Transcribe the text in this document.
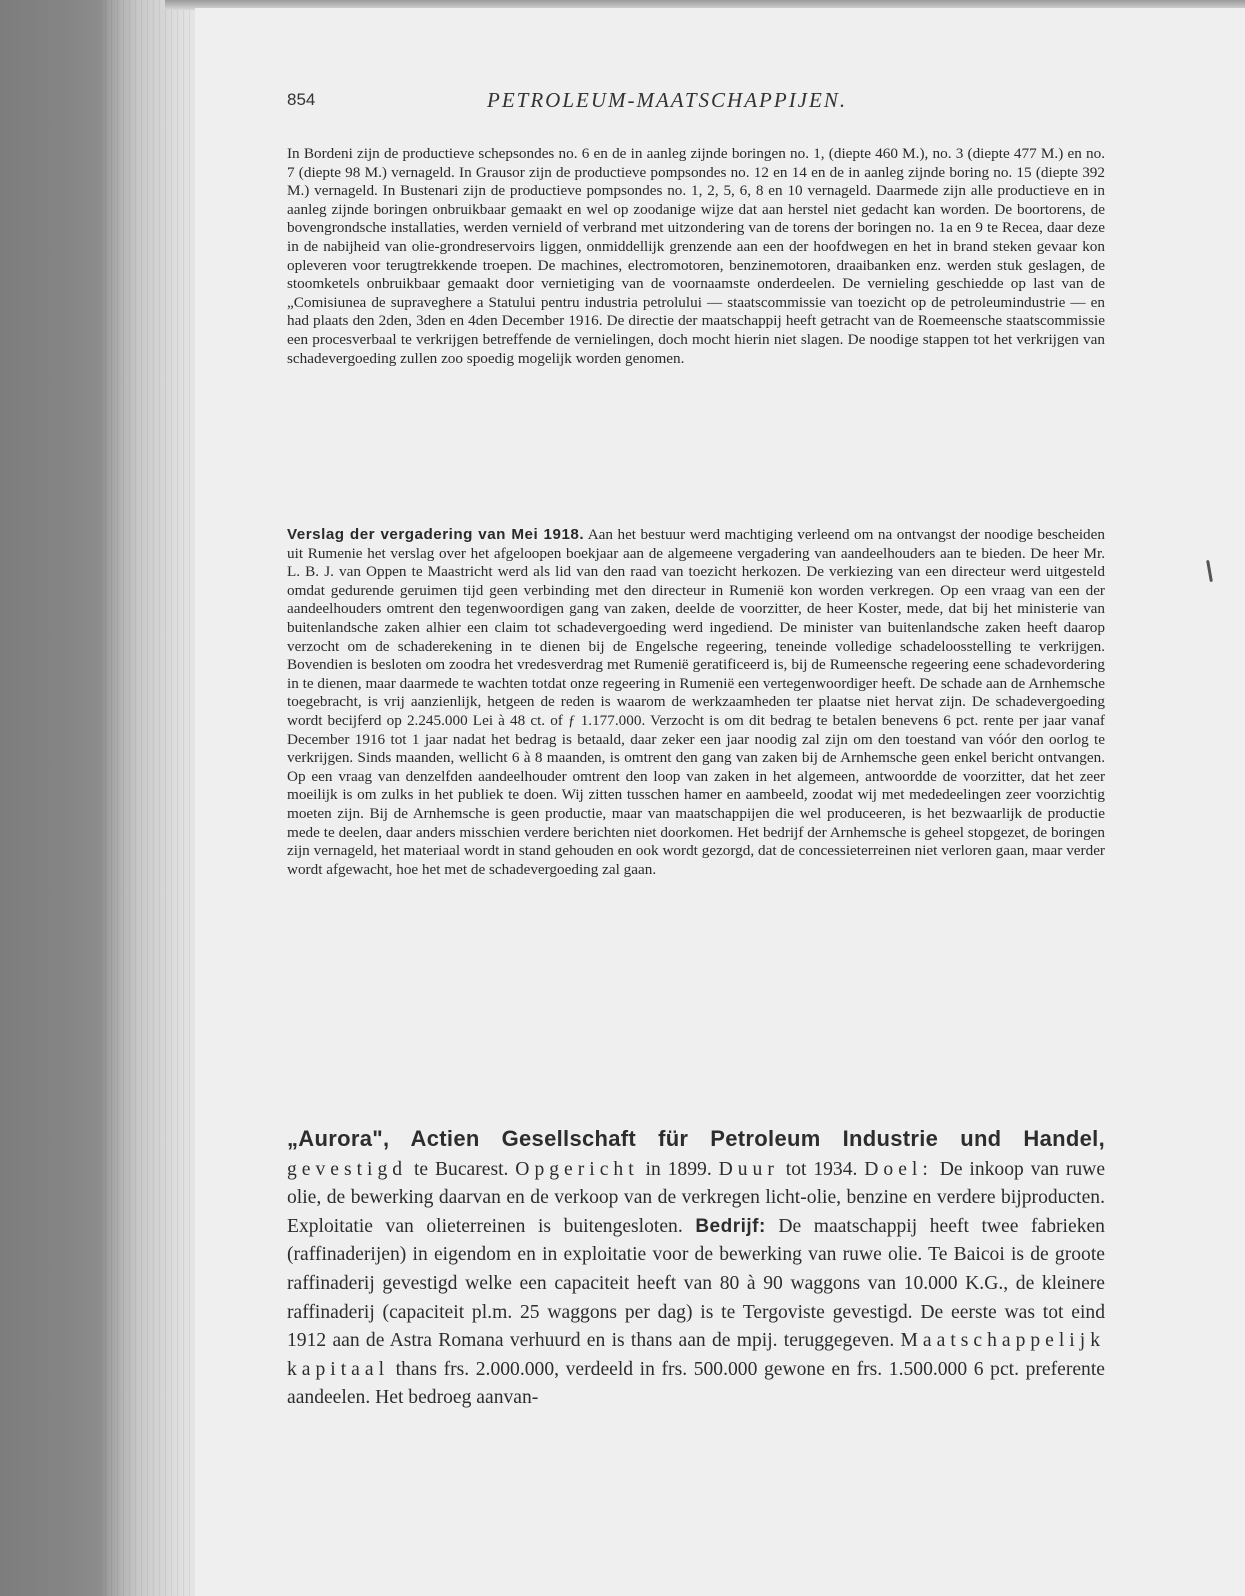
854	PETROLEUM-MAATSCHAPPIJEN.
In Bordeni zijn de productieve schepsondes no. 6 en de in aanleg zijnde boringen no. 1, (diepte 460 M.), no. 3 (diepte 477 M.) en no. 7 (diepte 98 M.) vernageld. In Grausor zijn de productieve pompsondes no. 12 en 14 en de in aanleg zijnde boring no. 15 (diepte 392 M.) vernageld. In Bustenari zijn de productieve pompsondes no. 1, 2, 5, 6, 8 en 10 vernageld. Daarmede zijn alle productieve en in aanleg zijnde boringen onbruikbaar gemaakt en wel op zoodanige wijze dat aan herstel niet gedacht kan worden. De boortorens, de bovengrondsche installaties, werden vernield of verbrand met uitzondering van de torens der boringen no. 1a en 9 te Recea, daar deze in de nabijheid van olie-grondreservoirs liggen, onmiddellijk grenzende aan een der hoofdwegen en het in brand steken gevaar kon opleveren voor terugtrekkende troepen. De machines, electromotoren, benzinemotoren, draaibanken enz. werden stuk geslagen, de stoomketels onbruikbaar gemaakt door vernietiging van de voornaamste onderdeelen. De vernieling geschiedde op last van de „Comisiunea de supraveghere a Statului pentru industria petrolului — staatscommissie van toezicht op de petroleumindustrie — en had plaats den 2den, 3den en 4den December 1916. De directie der maatschappij heeft getracht van de Roemeensche staatscommissie een procesverbaal te verkrijgen betreffende de vernielingen, doch mocht hierin niet slagen. De noodige stappen tot het verkrijgen van schadevergoeding zullen zoo spoedig mogelijk worden genomen.
Verslag der vergadering van Mei 1918. Aan het bestuur werd machtiging verleend om na ontvangst der noodige bescheiden uit Rumenie het verslag over het afgeloopen boekjaar aan de algemeene vergadering van aandeelhouders aan te bieden. De heer Mr. L. B. J. van Oppen te Maastricht werd als lid van den raad van toezicht herkozen. De verkiezing van een directeur werd uitgesteld omdat gedurende geruimen tijd geen verbinding met den directeur in Rumenië kon worden verkregen. Op een vraag van een der aandeelhouders omtrent den tegenwoordigen gang van zaken, deelde de voorzitter, de heer Koster, mede, dat bij het ministerie van buitenlandsche zaken alhier een claim tot schadevergoeding werd ingediend. De minister van buitenlandsche zaken heeft daarop verzocht om de schaderekening in te dienen bij de Engelsche regeering, teneinde volledige schadeloosstelling te verkrijgen. Bovendien is besloten om zoodra het vredesverdrag met Rumenië geratificeerd is, bij de Rumeensche regeering eene schadevordering in te dienen, maar daarmede te wachten totdat onze regeering in Rumenië een vertegenwoordiger heeft. De schade aan de Arnhemsche toegebracht, is vrij aanzienlijk, hetgeen de reden is waarom de werkzaamheden ter plaatse niet hervat zijn. De schadevergoeding wordt becijferd op 2.245.000 Lei à 48 ct. of ƒ 1.177.000. Verzocht is om dit bedrag te betalen benevens 6 pct. rente per jaar vanaf December 1916 tot 1 jaar nadat het bedrag is betaald, daar zeker een jaar noodig zal zijn om den toestand van vóór den oorlog te verkrijgen. Sinds maanden, wellicht 6 à 8 maanden, is omtrent den gang van zaken bij de Arnhemsche geen enkel bericht ontvangen. Op een vraag van denzelfden aandeelhouder omtrent den loop van zaken in het algemeen, antwoordde de voorzitter, dat het zeer moeilijk is om zulks in het publiek te doen. Wij zitten tusschen hamer en aambeeld, zoodat wij met mededeelingen zeer voorzichtig moeten zijn. Bij de Arnhemsche is geen productie, maar van maatschappijen die wel produceeren, is het bezwaarlijk de productie mede te deelen, daar anders misschien verdere berichten niet doorkomen. Het bedrijf der Arnhemsche is geheel stopgezet, de boringen zijn vernageld, het materiaal wordt in stand gehouden en ook wordt gezorgd, dat de concessieterreinen niet verloren gaan, maar verder wordt afgewacht, hoe het met de schadevergoeding zal gaan.
„Aurora", Actien Gesellschaft für Petroleum Industrie und Handel, gevestigd te Bucarest. Opgericht in 1899. Duur tot 1934. Doel: De inkoop van ruwe olie, de bewerking daarvan en de verkoop van de verkregen licht-olie, benzine en verdere bijproducten. Exploitatie van olieterreinen is buitengesloten. Bedrijf: De maatschappij heeft twee fabrieken (raffinaderijen) in eigendom en in exploitatie voor de bewerking van ruwe olie. Te Baicoi is de groote raffinaderij gevestigd welke een capaciteit heeft van 80 à 90 waggons van 10.000 K.G., de kleinere raffinaderij (capaciteit pl.m. 25 waggons per dag) is te Tergoviste gevestigd. De eerste was tot eind 1912 aan de Astra Romana verhuurd en is thans aan de mpij. teruggegeven. Maatschappelijk kapitaal thans frs. 2.000.000, verdeeld in frs. 500.000 gewone en frs. 1.500.000 6 pct. preferente aandeelen. Het bedroeg aanvan-
